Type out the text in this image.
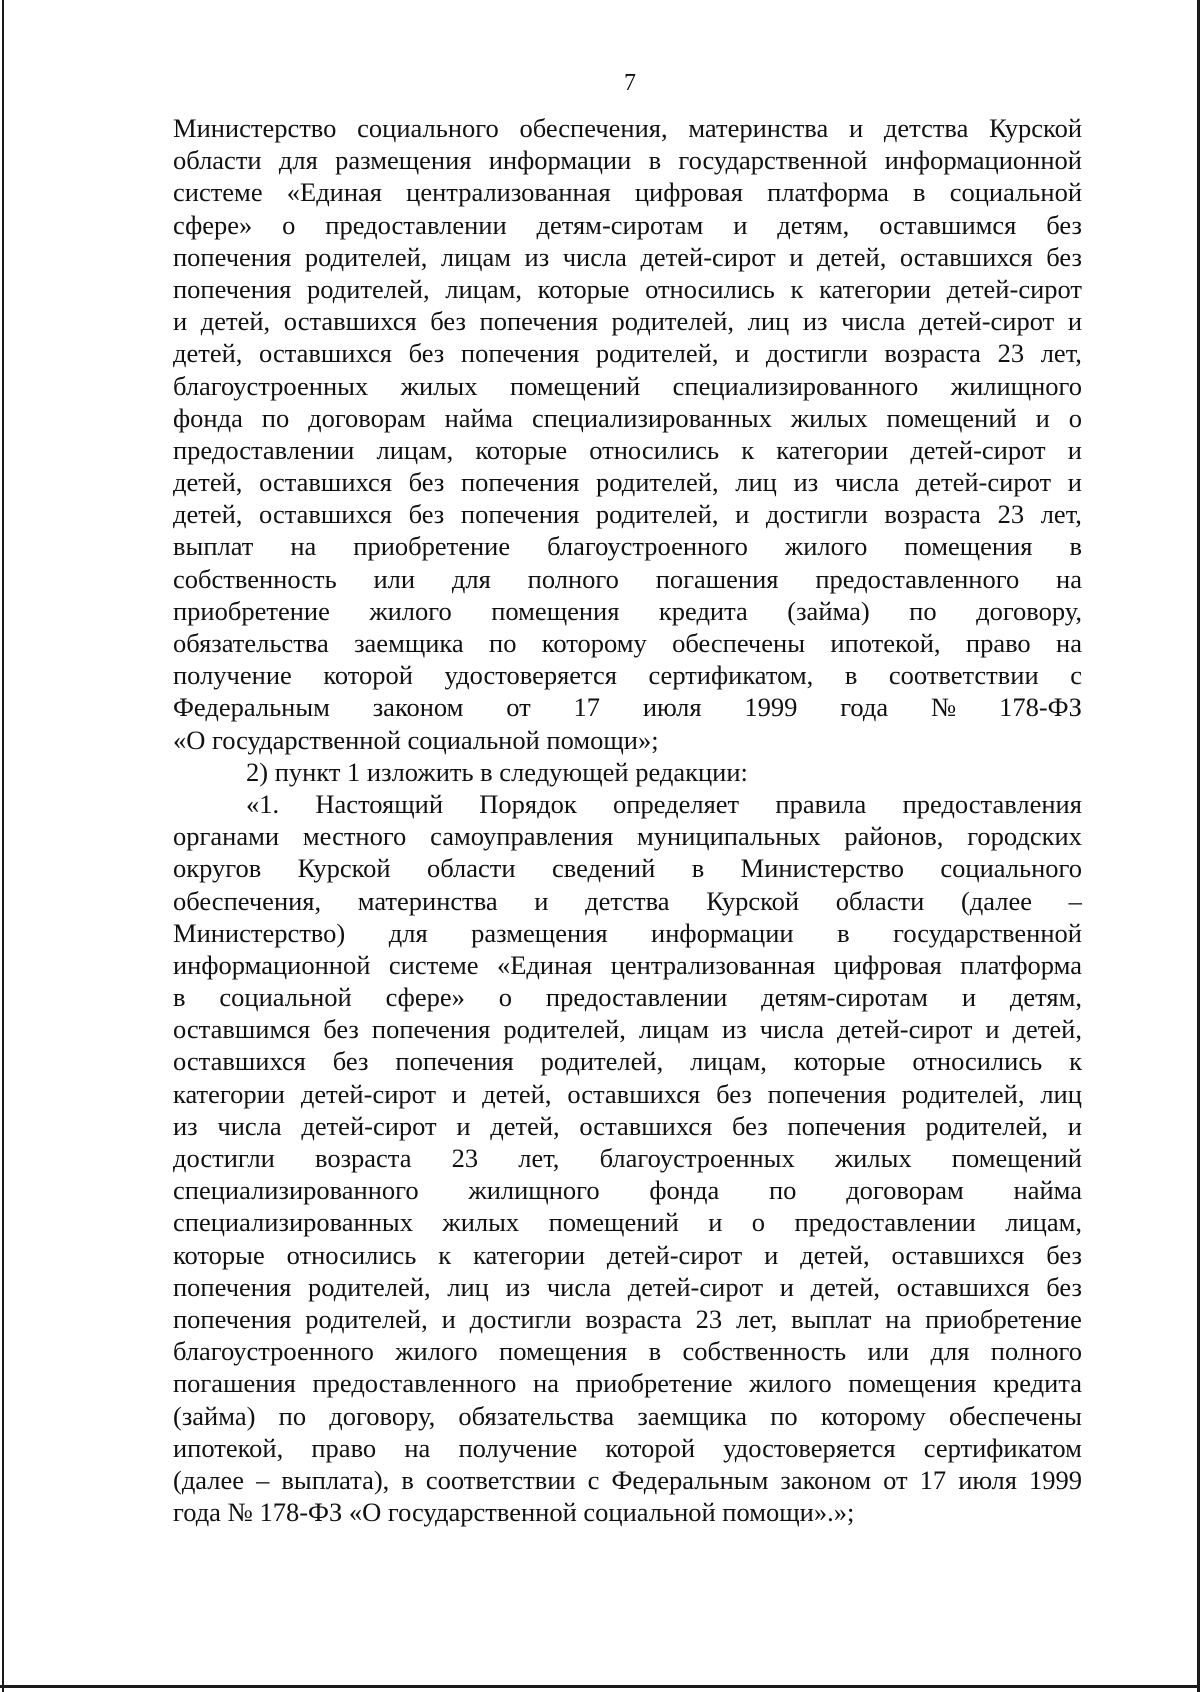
7
Министерство социального обеспечения, материнства и детства Курской
области для размещения информации в государственной информационной
системе «Единая централизованная цифровая платформа в социальной
сфере» о предоставлении детям-сиротам и детям, оставшимся без
попечения родителей, лицам из числа детей-сирот и детей, оставшихся без
попечения родителей, лицам, которые относились к категории детей-сирот
и детей, оставшихся без попечения родителей, лиц из числа детей-сирот и
детей, оставшихся без попечения родителей, и достигли возраста 23 лет,
благоустроенных жилых помещений специализированного жилищного
фонда по договорам найма специализированных жилых помещений и о
предоставлении лицам, которые относились к категории детей-сирот и
детей, оставшихся без попечения родителей, лиц из числа детей-сирот и
детей, оставшихся без попечения родителей, и достигли возраста 23 лет,
выплат на приобретение благоустроенного жилого помещения в
собственность или для полного погашения предоставленного на
приобретение жилого помещения кредита (займа) по договору,
обязательства заемщика по которому обеспечены ипотекой, право на
получение которой удостоверяется сертификатом, в соответствии с
Федеральным законом от 17 июля 1999 года № 178-ФЗ
«О государственной социальной помощи»;
2) пункт 1 изложить в следующей редакции:
«1. Настоящий Порядок определяет правила предоставления
органами местного самоуправления муниципальных районов, городских
округов Курской области сведений в Министерство социального
обеспечения, материнства и детства Курской области (далее –
Министерство) для размещения информации в государственной
информационной системе «Единая централизованная цифровая платформа
в социальной сфере» о предоставлении детям-сиротам и детям,
оставшимся без попечения родителей, лицам из числа детей-сирот и детей,
оставшихся без попечения родителей, лицам, которые относились к
категории детей-сирот и детей, оставшихся без попечения родителей, лиц
из числа детей-сирот и детей, оставшихся без попечения родителей, и
достигли возраста 23 лет, благоустроенных жилых помещений
специализированного жилищного фонда по договорам найма
специализированных жилых помещений и о предоставлении лицам,
которые относились к категории детей-сирот и детей, оставшихся без
попечения родителей, лиц из числа детей-сирот и детей, оставшихся без
попечения родителей, и достигли возраста 23 лет, выплат на приобретение
благоустроенного жилого помещения в собственность или для полного
погашения предоставленного на приобретение жилого помещения кредита
(займа) по договору, обязательства заемщика по которому обеспечены
ипотекой, право на получение которой удостоверяется сертификатом
(далее – выплата), в соответствии с Федеральным законом от 17 июля 1999
года № 178-ФЗ «О государственной социальной помощи».»;
